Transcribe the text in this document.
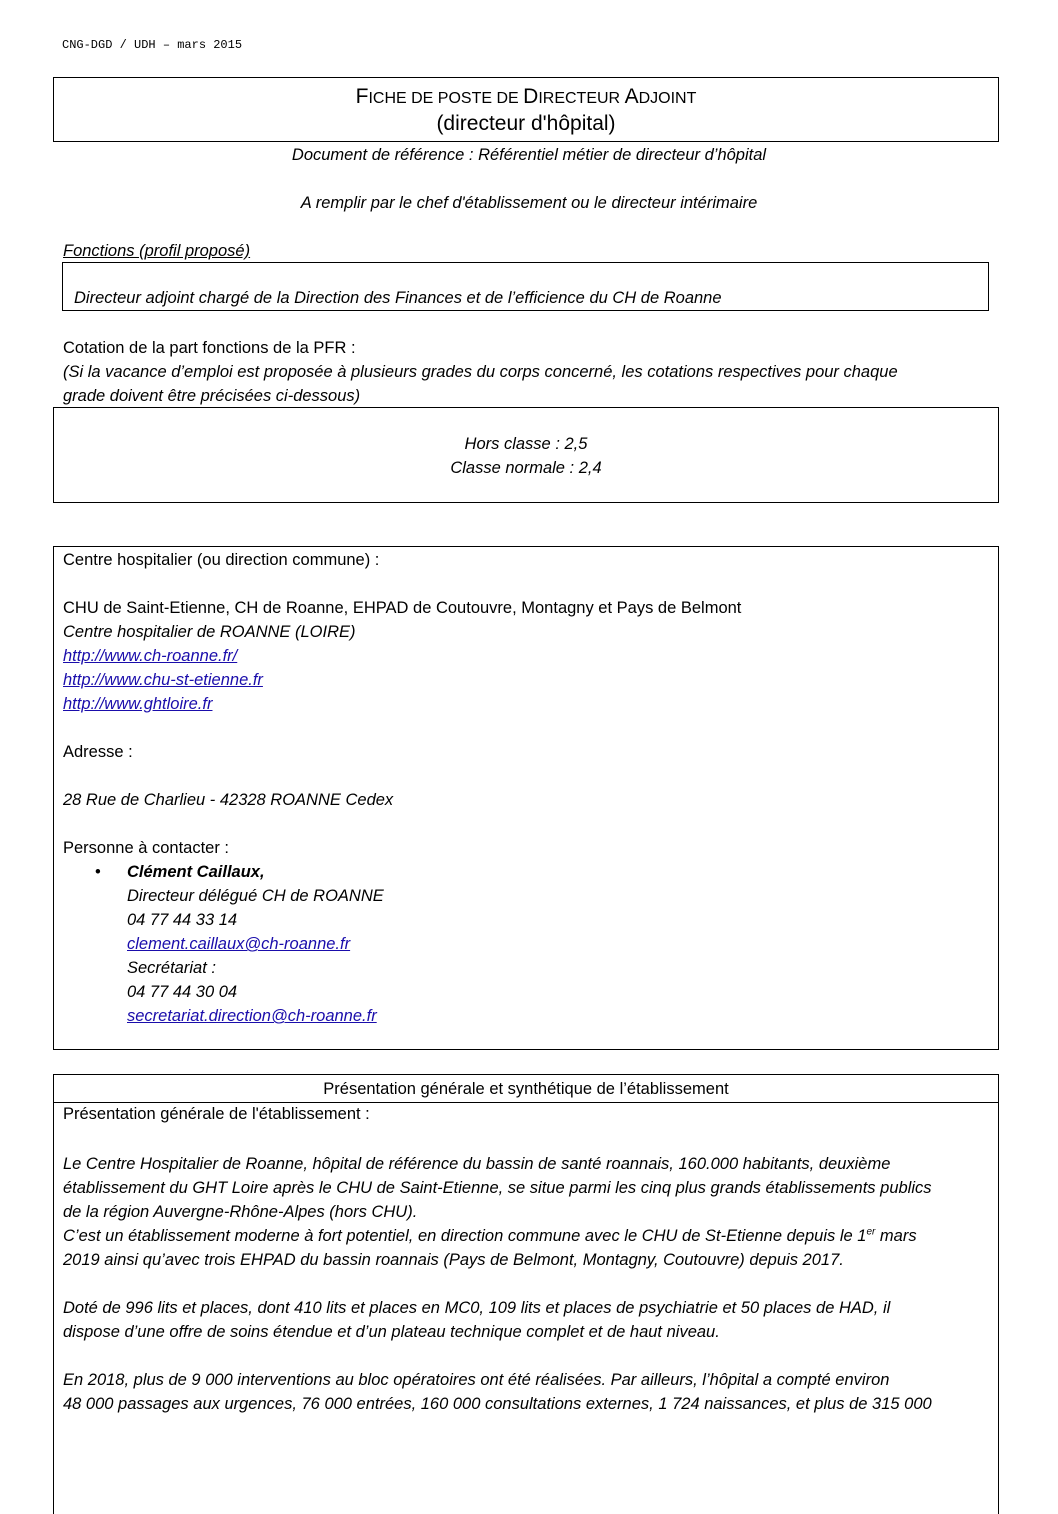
CNG-DGD / UDH – mars 2015
FICHE DE POSTE DE DIRECTEUR ADJOINT
(directeur d'hôpital)
Document de référence : Référentiel métier de directeur d’hôpital
A remplir par le chef d'établissement ou le directeur intérimaire
Fonctions (profil proposé)
Directeur adjoint chargé de la Direction des Finances et de l’efficience du CH de Roanne
Cotation de la part fonctions de la PFR :
(Si la vacance d’emploi est proposée à plusieurs grades du corps concerné, les cotations respectives pour chaque
grade doivent être précisées ci-dessous)
Hors classe : 2,5
Classe normale : 2,4
Centre hospitalier (ou direction commune) :
CHU de Saint-Etienne, CH de Roanne, EHPAD de Coutouvre, Montagny et Pays de Belmont
Centre hospitalier de ROANNE (LOIRE)
http://www.ch-roanne.fr/
http://www.chu-st-etienne.fr
http://www.ghtloire.fr
Adresse :
28 Rue de Charlieu - 42328 ROANNE Cedex
Personne à contacter :
• Clément Caillaux,
Directeur délégué CH de ROANNE
04 77 44 33 14
clement.caillaux@ch-roanne.fr
Secrétariat :
04 77 44 30 04
secretariat.direction@ch-roanne.fr
Présentation générale et synthétique de l’établissement
Présentation générale de l'établissement :
Le Centre Hospitalier de Roanne, hôpital de référence du bassin de santé roannais, 160.000 habitants, deuxième
établissement du GHT Loire après le CHU de Saint-Etienne, se situe parmi les cinq plus grands établissements publics
de la région Auvergne-Rhône-Alpes (hors CHU).
C’est un établissement moderne à fort potentiel, en direction commune avec le CHU de St-Etienne depuis le 1er mars
2019 ainsi qu’avec trois EHPAD du bassin roannais (Pays de Belmont, Montagny, Coutouvre) depuis 2017.
Doté de 996 lits et places, dont 410 lits et places en MC0, 109 lits et places de psychiatrie et 50 places de HAD, il
dispose d’une offre de soins étendue et d’un plateau technique complet et de haut niveau.
En 2018, plus de 9 000 interventions au bloc opératoires ont été réalisées. Par ailleurs, l’hôpital a compté environ
48 000 passages aux urgences, 76 000 entrées, 160 000 consultations externes, 1 724 naissances, et plus de 315 000
